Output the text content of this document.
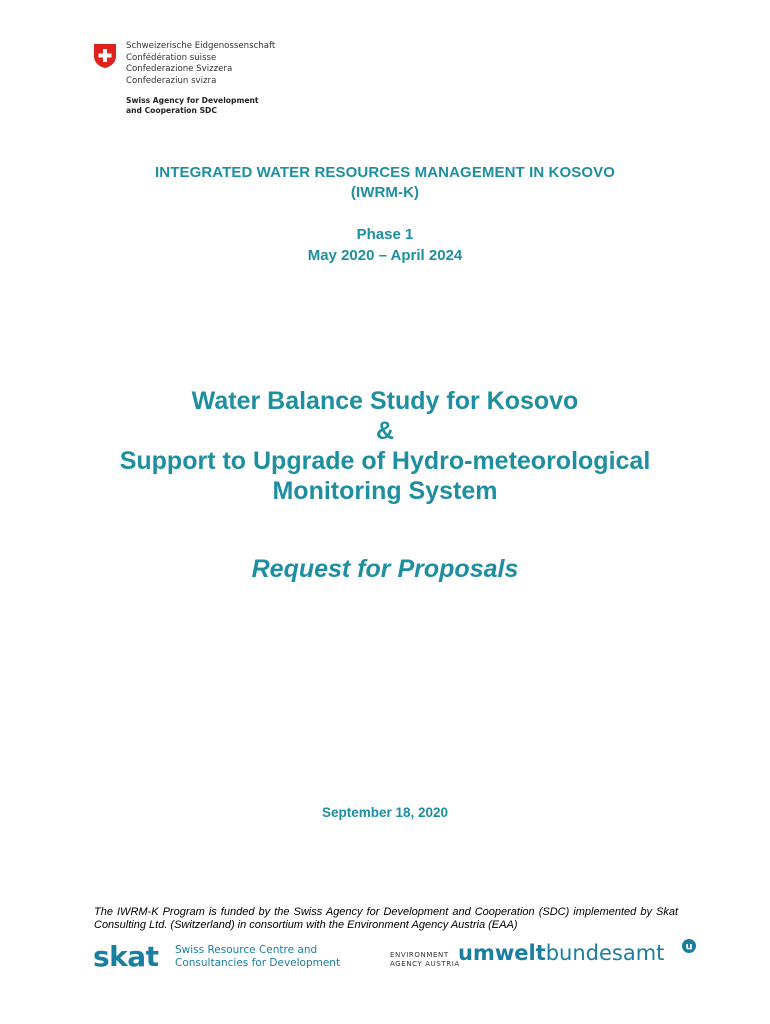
Schweizerische Eidgenossenschaft
Confédération suisse
Confederazione Svizzera
Confederaziun svizra
Swiss Agency for Development
and Cooperation SDC
INTEGRATED WATER RESOURCES MANAGEMENT IN KOSOVO
(IWRM-K)
Phase 1
May 2020 – April 2024
Water Balance Study for Kosovo
&
Support to Upgrade of Hydro-meteorological
Monitoring System
Request for Proposals
September 18, 2020
The IWRM-K Program is funded by the Swiss Agency for Development and Cooperation (SDC) implemented by Skat Consulting Ltd. (Switzerland) in consortium with the Environment Agency Austria (EAA)
skat Swiss Resource Centre and
Consultancies for Development
ENVIRONMENT
AGENCY AUSTRIA
umweltbundesamt u
